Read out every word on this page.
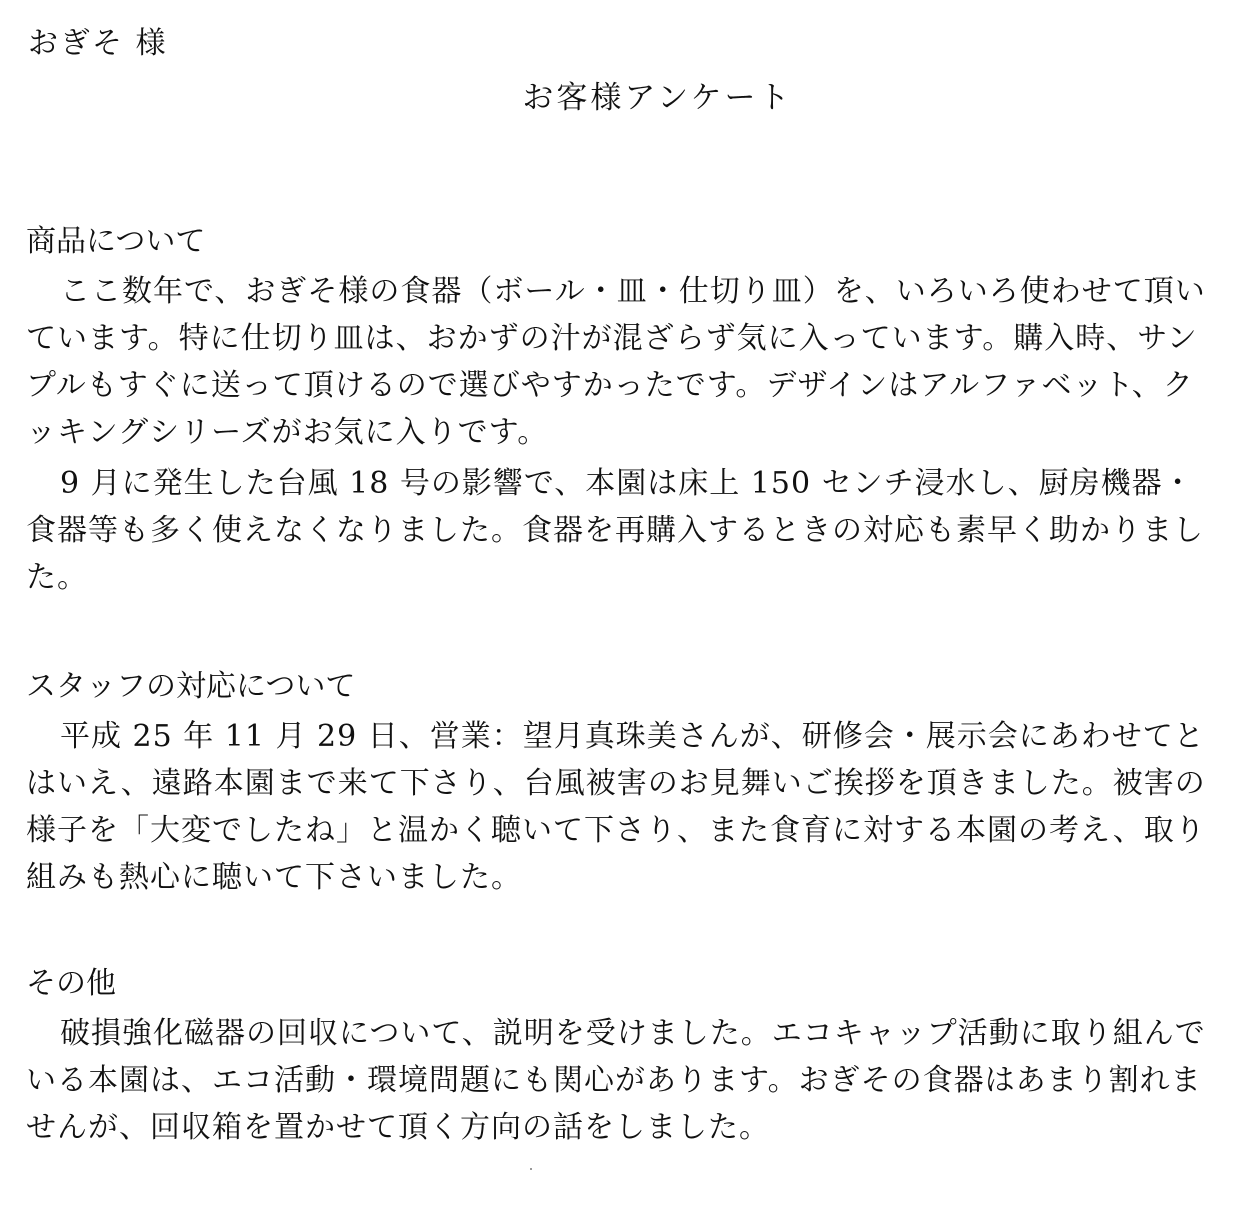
おぎそ 様
お客様アンケート
商品について

ここ数年で、おぎそ様の食器（ボール・皿・仕切り皿）を、いろいろ使わせて頂いています。特に仕切り皿は、おかずの汁が混ざらず気に入っています。購入時、サンプルもすぐに送って頂けるので選びやすかったです。デザインはアルファベット、クッキングシリーズがお気に入りです。

9 月に発生した台風 18 号の影響で、本園は床上 150 センチ浸水し、厨房機器・食器等も多く使えなくなりました。食器を再購入するときの対応も素早く助かりました。

スタッフの対応について

平成 25 年 11 月 29 日、営業：望月真珠美さんが、研修会・展示会にあわせてとはいえ、遠路本園まで来て下さり、台風被害のお見舞いご挨拶を頂きました。被害の様子を「大変でしたね」と温かく聴いて下さり、また食育に対する本園の考え、取り組みも熱心に聴いて下さいました。

その他

破損強化磁器の回収について、説明を受けました。エコキャップ活動に取り組んでいる本園は、エコ活動・環境問題にも関心があります。おぎその食器はあまり割れませんが、回収箱を置かせて頂く方向の話をしました。
